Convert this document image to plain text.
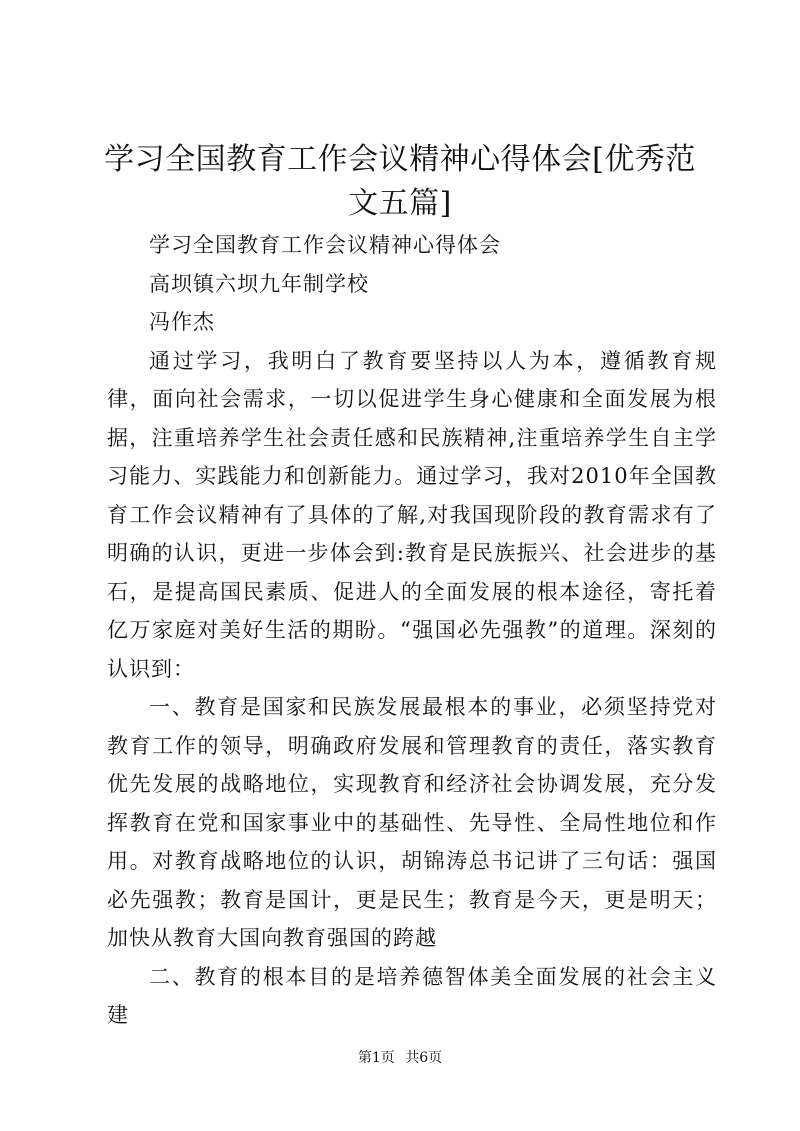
学习全国教育工作会议精神心得体会[优秀范文五篇]

学习全国教育工作会议精神心得体会

高坝镇六坝九年制学校

冯作杰

通过学习，我明白了教育要坚持以人为本，遵循教育规律，面向社会需求，一切以促进学生身心健康和全面发展为根据，注重培养学生社会责任感和民族精神,注重培养学生自主学习能力、实践能力和创新能力。通过学习，我对2010年全国教育工作会议精神有了具体的了解,对我国现阶段的教育需求有了明确的认识，更进一步体会到:教育是民族振兴、社会进步的基石，是提高国民素质、促进人的全面发展的根本途径，寄托着亿万家庭对美好生活的期盼。“强国必先强教”的道理。深刻的认识到：

一、教育是国家和民族发展最根本的事业，必须坚持党对教育工作的领导，明确政府发展和管理教育的责任，落实教育优先发展的战略地位，实现教育和经济社会协调发展，充分发挥教育在党和国家事业中的基础性、先导性、全局性地位和作用。对教育战略地位的认识，胡锦涛总书记讲了三句话：强国必先强教；教育是国计，更是民生；教育是今天，更是明天；加快从教育大国向教育强国的跨越

二、教育的根本目的是培养德智体美全面发展的社会主义建

第1页 共6页
